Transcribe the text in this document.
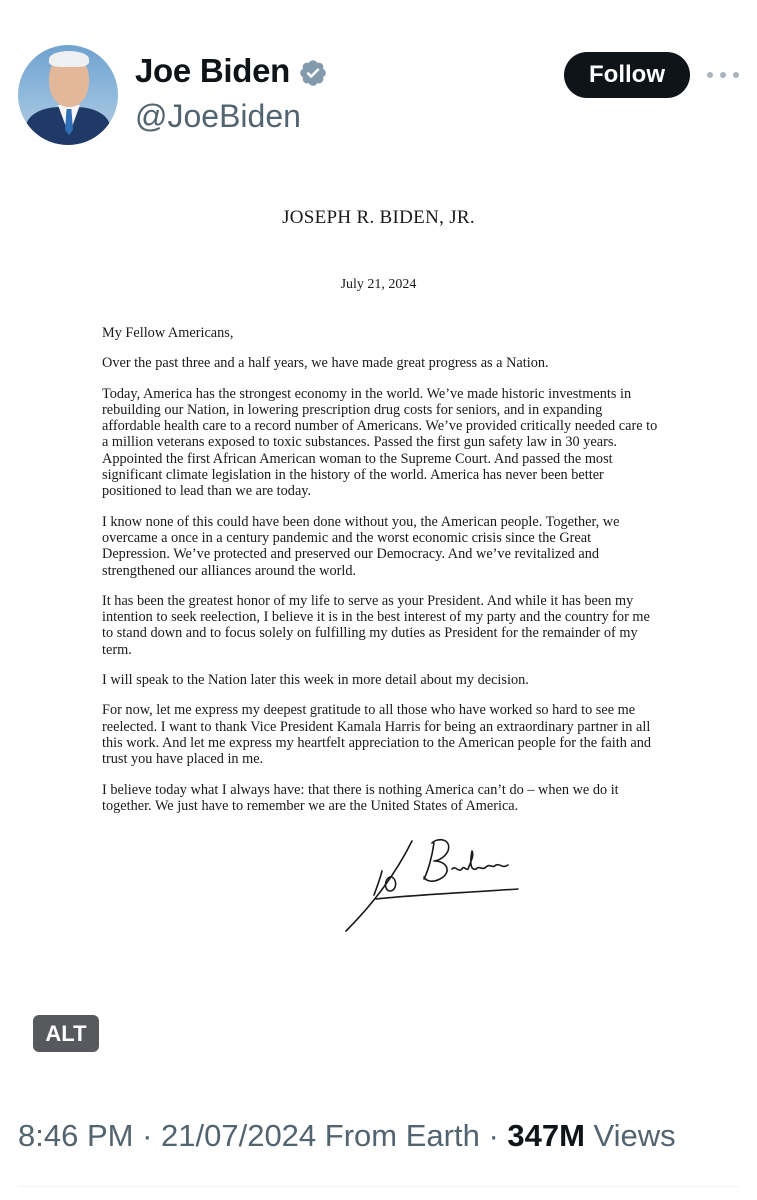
Joe Biden
@JoeBiden
Follow
JOSEPH R. BIDEN, JR.
July 21, 2024

My Fellow Americans,

Over the past three and a half years, we have made great progress as a Nation.

Today, America has the strongest economy in the world. We’ve made historic investments in rebuilding our Nation, in lowering prescription drug costs for seniors, and in expanding affordable health care to a record number of Americans. We’ve provided critically needed care to a million veterans exposed to toxic substances. Passed the first gun safety law in 30 years. Appointed the first African American woman to the Supreme Court. And passed the most significant climate legislation in the history of the world. America has never been better positioned to lead than we are today.

I know none of this could have been done without you, the American people. Together, we overcame a once in a century pandemic and the worst economic crisis since the Great Depression. We’ve protected and preserved our Democracy. And we’ve revitalized and strengthened our alliances around the world.

It has been the greatest honor of my life to serve as your President. And while it has been my intention to seek reelection, I believe it is in the best interest of my party and the country for me to stand down and to focus solely on fulfilling my duties as President for the remainder of my term.

I will speak to the Nation later this week in more detail about my decision.

For now, let me express my deepest gratitude to all those who have worked so hard to see me reelected. I want to thank Vice President Kamala Harris for being an extraordinary partner in all this work. And let me express my heartfelt appreciation to the American people for the faith and trust you have placed in me.

I believe today what I always have: that there is nothing America can’t do – when we do it together. We just have to remember we are the United States of America.

ALT
8:46 PM · 21/07/2024 From Earth · 347M Views
